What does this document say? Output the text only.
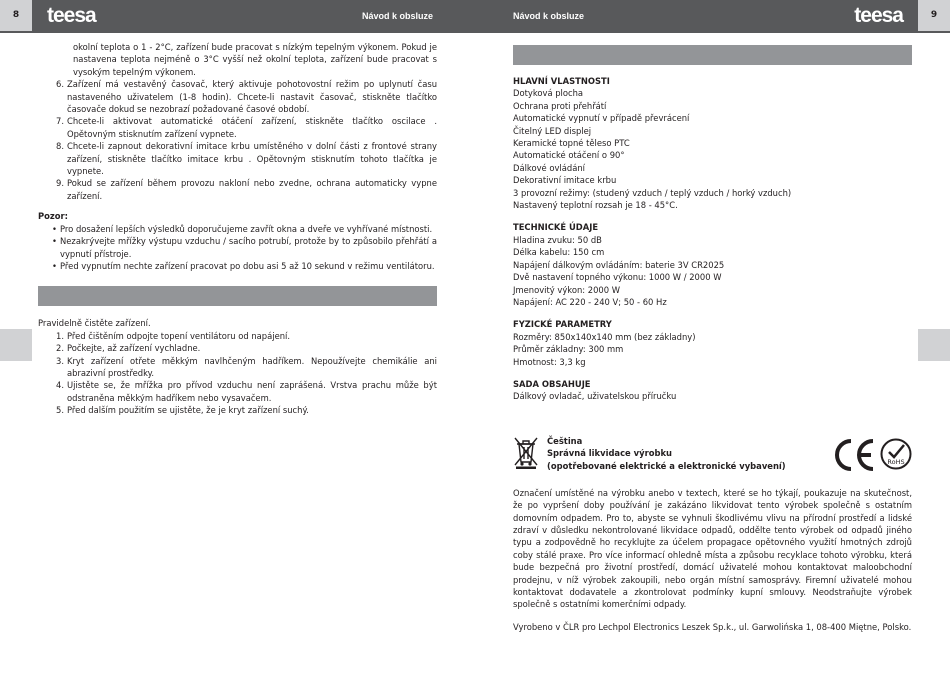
8	teesa	Návod k obsluze	Návod k obsluze	teesa	9
okolní teplota o 1 - 2°C, zařízení bude pracovat s nízkým tepelným výkonem. Pokud je nastavena teplota nejméně o 3°C vyšší než okolní teplota, zařízení bude pracovat s vysokým tepelným výkonem.
6. Zařízení má vestavěný časovač, který aktivuje pohotovostní režim po uplynutí času nastaveného uživatelem (1-8 hodin). Chcete-li nastavit časovač, stiskněte tlačítko časovače dokud se nezobrazí požadované časové období.
7. Chcete-li aktivovat automatické otáčení zařízení, stiskněte tlačítko oscilace . Opětovným stisknutím zařízení vypnete.
8. Chcete-li zapnout dekorativní imitace krbu umístěného v dolní části z frontové strany zařízení, stiskněte tlačítko imitace krbu . Opětovným stisknutím tohoto tlačítka je vypnete.
9. Pokud se zařízení během provozu nakloní nebo zvedne, ochrana automaticky vypne zařízení.
Pozor:
• Pro dosažení lepších výsledků doporučujeme zavřít okna a dveře ve vyhřívané místnosti.
• Nezakrývejte mřížky výstupu vzduchu / sacího potrubí, protože by to způsobilo přehřátí a vypnutí přístroje.
• Před vypnutím nechte zařízení pracovat po dobu asi 5 až 10 sekund v režimu ventilátoru.
Pravidelně čistěte zařízení.
1. Před čištěním odpojte topení ventilátoru od napájení.
2. Počkejte, až zařízení vychladne.
3. Kryt zařízení otřete měkkým navlhčeným hadříkem. Nepoužívejte chemikálie ani abrazivní prostředky.
4. Ujistěte se, že mřížka pro přívod vzduchu není zaprášená. Vrstva prachu může být odstraněna měkkým hadříkem nebo vysavačem.
5. Před dalším použitím se ujistěte, že je kryt zařízení suchý.
HLAVNÍ VLASTNOSTI
Dotyková plocha
Ochrana proti přehřátí
Automatické vypnutí v případě převrácení
Čitelný LED displej
Keramické topné těleso PTC
Automatické otáčení o 90°
Dálkové ovládání
Dekorativní imitace krbu
3 provozní režimy: (studený vzduch / teplý vzduch / horký vzduch)
Nastavený teplotní rozsah je 18 - 45°C.
TECHNICKÉ ÚDAJE
Hladina zvuku: 50 dB
Délka kabelu: 150 cm
Napájení dálkovým ovládáním: baterie 3V CR2025
Dvě nastavení topného výkonu: 1000 W / 2000 W
Jmenovitý výkon: 2000 W
Napájení: AC 220 - 240 V; 50 - 60 Hz
FYZICKÉ PARAMETRY
Rozměry: 850x140x140 mm (bez základny)
Průměr základny: 300 mm
Hmotnost: 3,3 kg
SADA OBSAHUJE
Dálkový ovladač, uživatelskou příručku
Čeština
Správná likvidace výrobku
(opotřebované elektrické a elektronické vybavení)	RoHS
Označení umístěné na výrobku anebo v textech, které se ho týkají, poukazuje na skutečnost, že po vypršení doby používání je zakázáno likvidovat tento výrobek společně s ostatním domovním odpadem. Pro to, abyste se vyhnuli škodlivému vlivu na přírodní prostředí a lidské zdraví v důsledku nekontrolované likvidace odpadů, oddělte tento výrobek od odpadů jiného typu a zodpovědně ho recyklujte za účelem propagace opětovného využití hmotných zdrojů coby stálé praxe. Pro více informací ohledně místa a způsobu recyklace tohoto výrobku, která bude bezpečná pro životní prostředí, domácí uživatelé mohou kontaktovat maloobchodní prodejnu, v níž výrobek zakoupili, nebo orgán místní samosprávy. Firemní uživatelé mohou kontaktovat dodavatele a zkontrolovat podmínky kupní smlouvy. Neodstraňujte výrobek společně s ostatními komerčními odpady.
Vyrobeno v ČLR pro Lechpol Electronics Leszek Sp.k., ul. Garwolińska 1, 08-400 Miętne, Polsko.
